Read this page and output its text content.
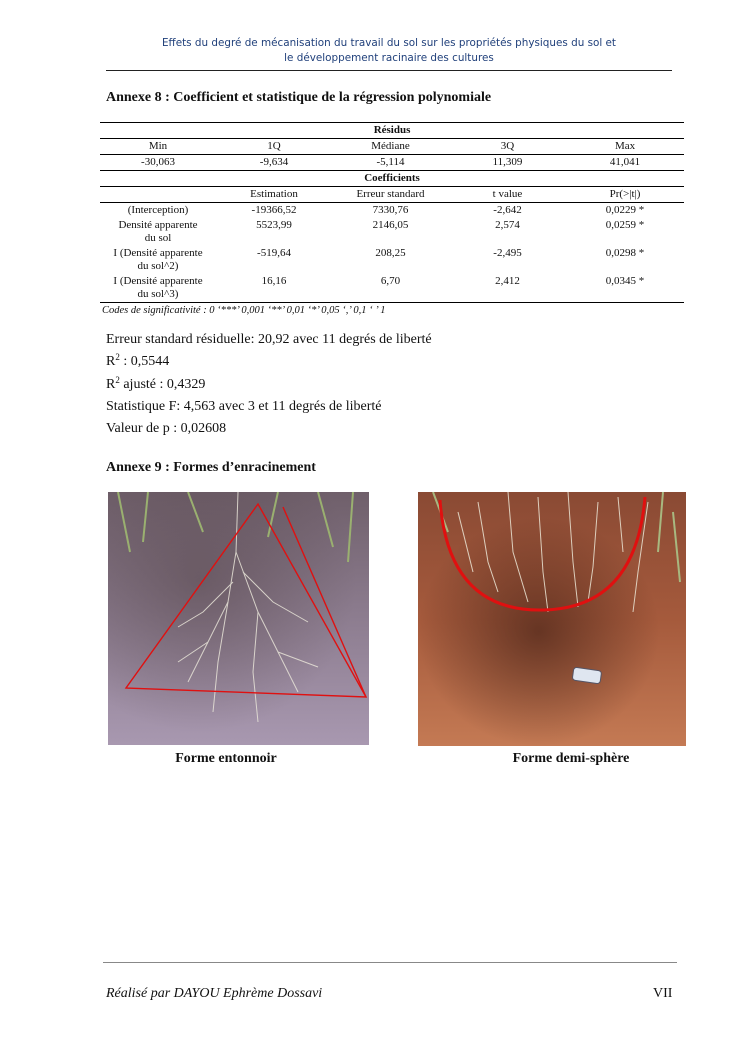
Effets du degré de mécanisation du travail du sol sur les propriétés physiques du sol et
le développement racinaire des cultures
Annexe 8 : Coefficient et statistique de la régression polynomiale
Résidus				
Min	1Q	Médiane	3Q	Max
-30,063	-9,634	-5,114	11,309	41,041
Coefficients				
	Estimation	Erreur standard	t value	Pr(>|t|)

(Interception)	-19366,52	7330,76	-2,642	0,0229 *

Densité apparente
du sol	5523,99	2146,05	2,574	0,0259 *

I (Densité apparente
du sol^2)	-519,64	208,25	-2,495	0,0298 *

I (Densité apparente
du sol^3)	16,16	6,70	2,412	0,0345 *
Codes de significativité : 0 ‘***’ 0,001 ‘**’ 0,01 ‘*’ 0,05 ‘,’ 0,1 ‘ ’ 1				
Erreur standard résiduelle: 20,92 avec 11 degrés de liberté
$R^2$ : 0,5544
$R^2$ ajusté : 0,4329
Statistique F: 4,563 avec 3 et 11 degrés de liberté
Valeur de p : 0,02608
Annexe 9 : Formes d’enracinement
Forme entonnoir	Forme demi-sphère
Réalisé par DAYOU Ephrème Dossavi	VII
